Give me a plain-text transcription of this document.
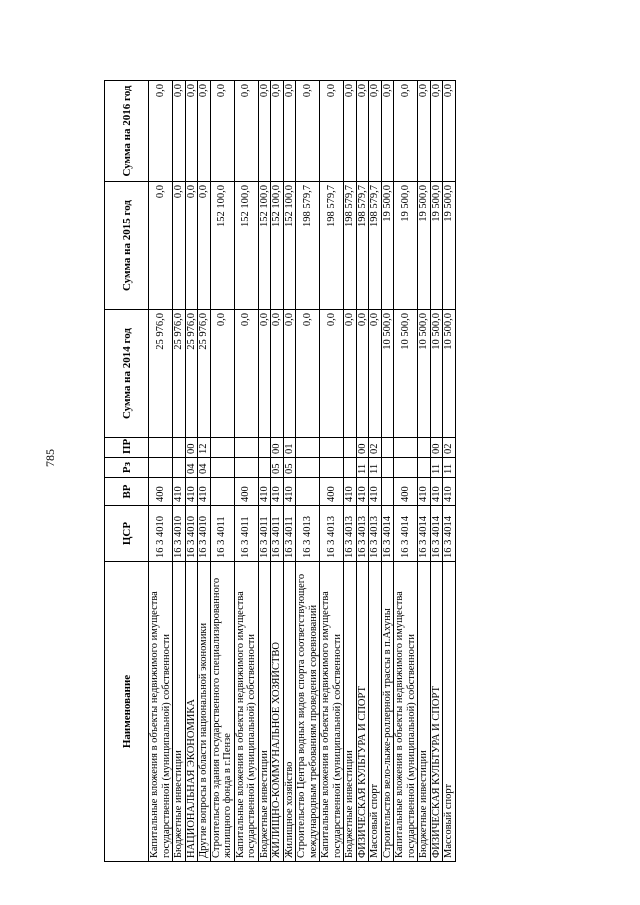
785
Наименование	ЦСР	ВР	Рз	ПР	Сумма на 2014 год	Сумма на 2015 год	Сумма на 2016 год
Капитальные вложения в объекты недвижимого имущества государственной (муниципальной) собственности	16 3 4010	400			25 976,0	0,0	0,0
Бюджетные инвестиции	16 3 4010	410			25 976,0	0,0	0,0
НАЦИОНАЛЬНАЯ ЭКОНОМИКА	16 3 4010	410	04	00	25 976,0	0,0	0,0
Другие вопросы в области национальной экономики	16 3 4010	410	04	12	25 976,0	0,0	0,0
Строительство здания государственного специализированного жилищного фонда в г.Пензе	16 3 4011				0,0	152 100,0	0,0
Капитальные вложения в объекты недвижимого имущества государственной (муниципальной) собственности	16 3 4011	400			0,0	152 100,0	0,0
Бюджетные инвестиции	16 3 4011	410			0,0	152 100,0	0,0
ЖИЛИЩНО-КОММУНАЛЬНОЕ ХОЗЯЙСТВО	16 3 4011	410	05	00	0,0	152 100,0	0,0
Жилищное хозяйство	16 3 4011	410	05	01	0,0	152 100,0	0,0
Строительство Центра водных видов спорта соответствующего международным требованиям проведения соревнований	16 3 4013				0,0	198 579,7	0,0
Капитальные вложения в объекты недвижимого имущества государственной (муниципальной) собственности	16 3 4013	400			0,0	198 579,7	0,0
Бюджетные инвестиции	16 3 4013	410			0,0	198 579,7	0,0
ФИЗИЧЕСКАЯ КУЛЬТУРА И СПОРТ	16 3 4013	410	11	00	0,0	198 579,7	0,0
Массовый спорт	16 3 4013	410	11	02	0,0	198 579,7	0,0
Строительство вело-лыже-роллерной трассы в п.Ахуны	16 3 4014				10 500,0	19 500,0	0,0
Капитальные вложения в объекты недвижимого имущества государственной (муниципальной) собственности	16 3 4014	400			10 500,0	19 500,0	0,0
Бюджетные инвестиции	16 3 4014	410			10 500,0	19 500,0	0,0
ФИЗИЧЕСКАЯ КУЛЬТУРА И СПОРТ	16 3 4014	410	11	00	10 500,0	19 500,0	0,0
Массовый спорт	16 3 4014	410	11	02	10 500,0	19 500,0	0,0
